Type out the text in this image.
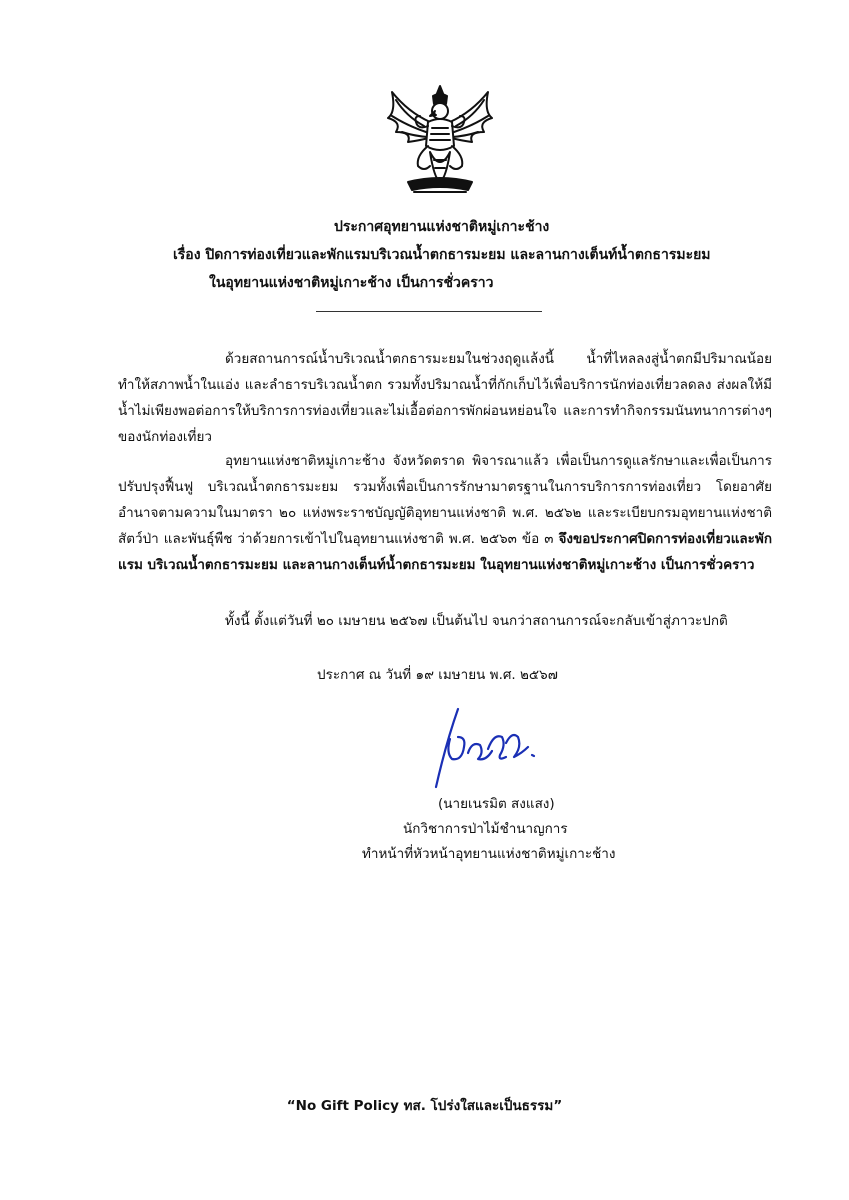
ประกาศอุทยานแห่งชาติหมู่เกาะช้าง
เรื่อง ปิดการท่องเที่ยวและพักแรมบริเวณน้ำตกธารมะยม และลานกางเต็นท์น้ำตกธารมะยม
ในอุทยานแห่งชาติหมู่เกาะช้าง เป็นการชั่วคราว
ด้วยสถานการณ์น้ำบริเวณน้ำตกธารมะยมในช่วงฤดูแล้งนี้ น้ำที่ไหลลงสู่น้ำตกมีปริมาณน้อย ทำให้สภาพน้ำในแอ่ง และลำธารบริเวณน้ำตก รวมทั้งปริมาณน้ำที่กักเก็บไว้เพื่อบริการนักท่องเที่ยวลดลง ส่งผลให้มีน้ำไม่เพียงพอต่อการให้บริการการท่องเที่ยวและไม่เอื้อต่อการพักผ่อนหย่อนใจ และการทำกิจกรรมนันทนาการต่างๆ ของนักท่องเที่ยว
อุทยานแห่งชาติหมู่เกาะช้าง จังหวัดตราด พิจารณาแล้ว เพื่อเป็นการดูแลรักษาและเพื่อเป็นการปรับปรุงฟื้นฟู บริเวณน้ำตกธารมะยม รวมทั้งเพื่อเป็นการรักษามาตรฐานในการบริการการท่องเที่ยว โดยอาศัยอำนาจตามความในมาตรา ๒๐ แห่งพระราชบัญญัติอุทยานแห่งชาติ พ.ศ. ๒๕๖๒ และระเบียบกรมอุทยานแห่งชาติ สัตว์ป่า และพันธุ์พืช ว่าด้วยการเข้าไปในอุทยานแห่งชาติ พ.ศ. ๒๕๖๓ ข้อ ๓ จึงขอประกาศปิดการท่องเที่ยวและพักแรม บริเวณน้ำตกธารมะยม และลานกางเต็นท์น้ำตกธารมะยม ในอุทยานแห่งชาติหมู่เกาะช้าง เป็นการชั่วคราว
ทั้งนี้ ตั้งแต่วันที่ ๒๐ เมษายน ๒๕๖๗ เป็นต้นไป จนกว่าสถานการณ์จะกลับเข้าสู่ภาวะปกติ
ประกาศ ณ วันที่ ๑๙ เมษายน พ.ศ. ๒๕๖๗
(นายเนรมิต สงแสง)
นักวิชาการป่าไม้ชำนาญการ
ทำหน้าที่หัวหน้าอุทยานแห่งชาติหมู่เกาะช้าง
“No Gift Policy ทส. โปร่งใสและเป็นธรรม”
